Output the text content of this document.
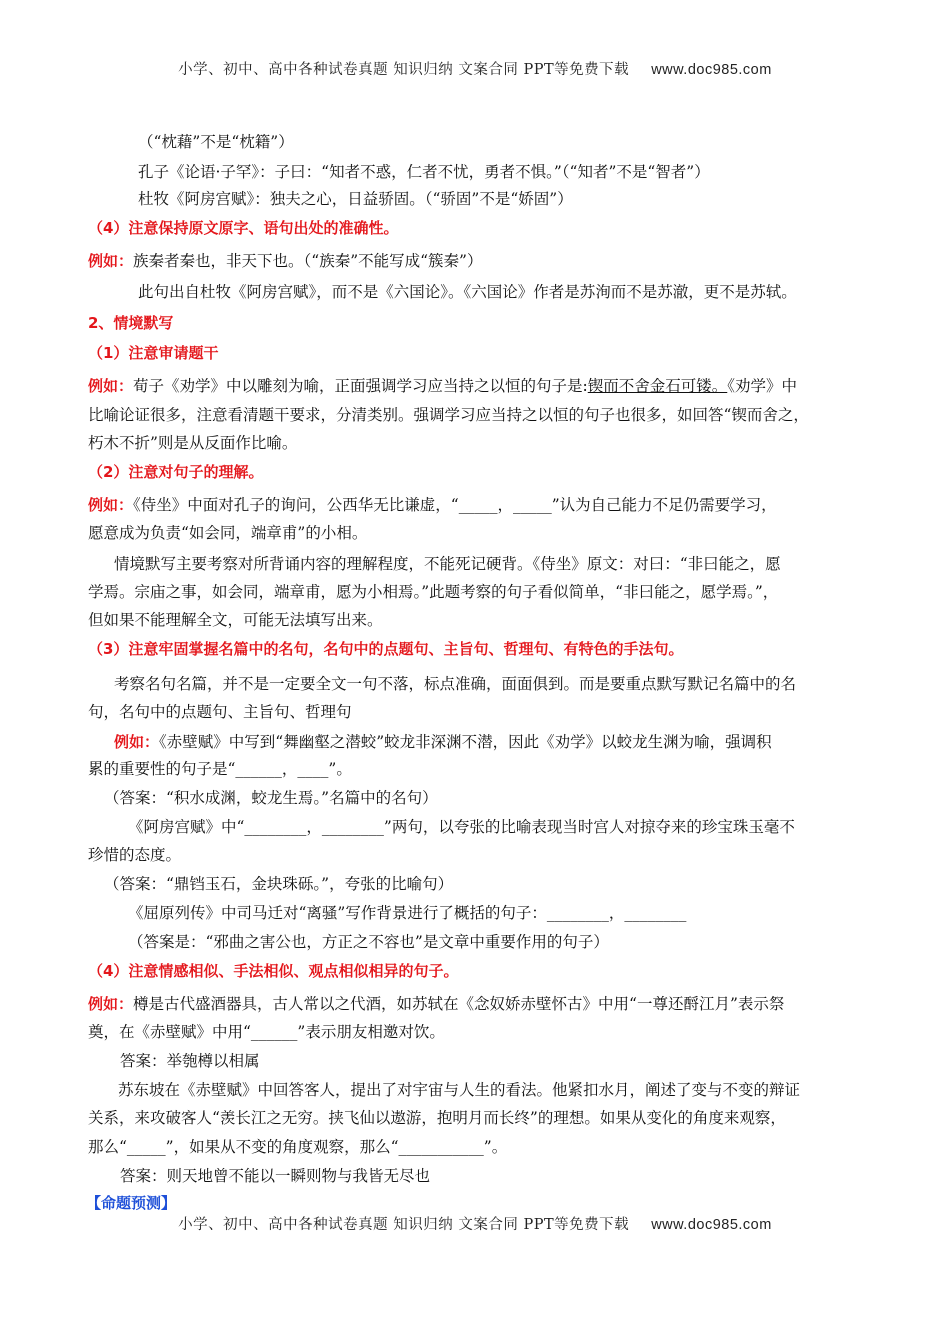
小学、初中、高中各种试卷真题 知识归纳 文案合同 PPT等免费下载 www.doc985.com
（“枕藉”不是“枕籍”）
孔子《论语·子罕》：子曰：“知者不惑，仁者不忧，勇者不惧。”（“知者”不是“智者”）
杜牧《阿房宫赋》：独夫之心，日益骄固。（“骄固”不是“娇固”）
（4）注意保持原文原字、语句出处的准确性。
例如：族秦者秦也，非天下也。（“族秦”不能写成“簇秦”）
此句出自杜牧《阿房宫赋》，而不是《六国论》。《六国论》作者是苏洵而不是苏澈，更不是苏轼。
2、情境默写
（1）注意审请题干
例如：荀子《劝学》中以雕刻为喻，正面强调学习应当持之以恒的句子是:锲而不舍金石可镂。《劝学》中
比喻论证很多，注意看清题干要求，分清类别。强调学习应当持之以恒的句子也很多，如回答“锲而舍之，
朽木不折”则是从反面作比喻。
（2）注意对句子的理解。
例如：《侍坐》中面对孔子的询问，公西华无比谦虚，“_____，_____”认为自己能力不足仍需要学习，
愿意成为负责“如会同，端章甫”的小相。
情境默写主要考察对所背诵内容的理解程度，不能死记硬背。《侍坐》原文：对曰：“非曰能之，愿
学焉。宗庙之事，如会同，端章甫，愿为小相焉。”此题考察的句子看似简单，“非曰能之，愿学焉。”，
但如果不能理解全文，可能无法填写出来。
（3）注意牢固掌握名篇中的名句，名句中的点题句、主旨句、哲理句、有特色的手法句。
考察名句名篇，并不是一定要全文一句不落，标点准确，面面俱到。而是要重点默写默记名篇中的名
句，名句中的点题句、主旨句、哲理句
例如：《赤壁赋》中写到“舞幽壑之潜蛟”蛟龙非深渊不潜，因此《劝学》以蛟龙生渊为喻，强调积
累的重要性的句子是“______，____”。
（答案：“积水成渊，蛟龙生焉。”名篇中的名句）
《阿房宫赋》中“________，________”两句，以夸张的比喻表现当时宫人对掠夺来的珍宝珠玉毫不
珍惜的态度。
（答案：“鼎铛玉石，金块珠砾。”，夸张的比喻句）
《屈原列传》中司马迁对“离骚”写作背景进行了概括的句子：________，________
（答案是：“邪曲之害公也，方正之不容也”是文章中重要作用的句子）
（4）注意情感相似、手法相似、观点相似相异的句子。
例如：樽是古代盛酒器具，古人常以之代酒，如苏轼在《念奴娇赤壁怀古》中用“一尊还酹江月”表示祭
奠，在《赤壁赋》中用“______”表示朋友相邀对饮。
答案：举匏樽以相属
苏东坡在《赤壁赋》中回答客人，提出了对宇宙与人生的看法。他紧扣水月，阐述了变与不变的辩证
关系，来攻破客人“羡长江之无穷。挟飞仙以遨游，抱明月而长终”的理想。如果从变化的角度来观察，
那么“_____”，如果从不变的角度观察，那么“___________”。
答案：则天地曾不能以一瞬则物与我皆无尽也
【命题预测】
小学、初中、高中各种试卷真题 知识归纳 文案合同 PPT等免费下载 www.doc985.com
